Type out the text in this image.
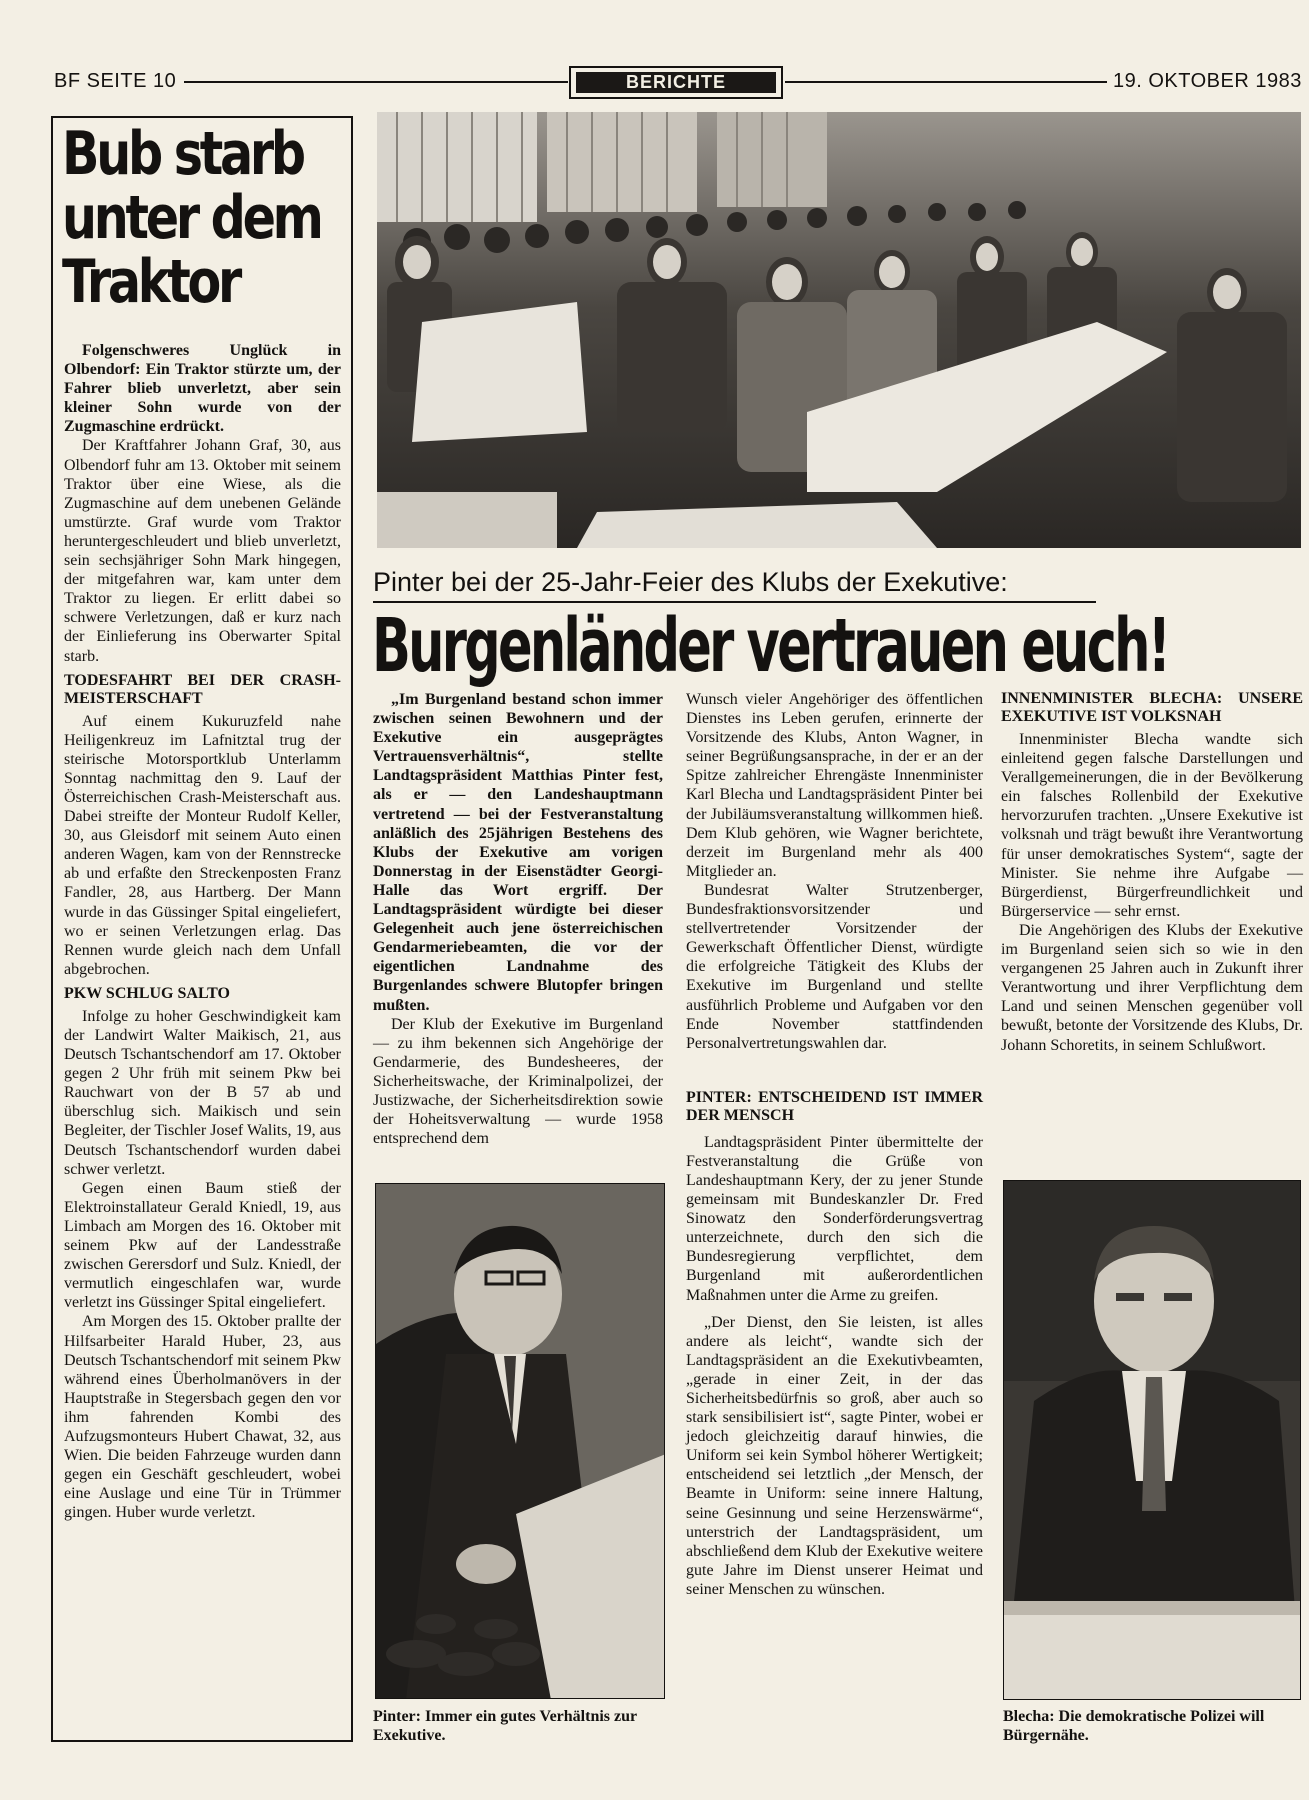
BF SEITE 10	BERICHTE	19. OKTOBER 1983
Bub starb
unter dem
Traktor

Folgenschweres Unglück in Olbendorf: Ein Traktor stürzte um, der Fahrer blieb unverletzt, aber sein kleiner Sohn wurde von der Zugmaschine erdrückt.

Der Kraftfahrer Johann Graf, 30, aus Olbendorf fuhr am 13. Oktober mit seinem Traktor über eine Wiese, als die Zugmaschine auf dem unebenen Gelände umstürzte. Graf wurde vom Traktor heruntergeschleudert und blieb unverletzt, sein sechsjähriger Sohn Mark hingegen, der mitgefahren war, kam unter dem Traktor zu liegen. Er erlitt dabei so schwere Verletzungen, daß er kurz nach der Einlieferung ins Oberwarter Spital starb.

TODESFAHRT BEI DER CRASH-MEISTERSCHAFT

Auf einem Kukuruzfeld nahe Heiligenkreuz im Lafnitztal trug der steirische Motorsportklub Unterlamm Sonntag nachmittag den 9. Lauf der Österreichischen Crash-Meisterschaft aus. Dabei streifte der Monteur Rudolf Keller, 30, aus Gleisdorf mit seinem Auto einen anderen Wagen, kam von der Rennstrecke ab und erfaßte den Streckenposten Franz Fandler, 28, aus Hartberg. Der Mann wurde in das Güssinger Spital eingeliefert, wo er seinen Verletzungen erlag. Das Rennen wurde gleich nach dem Unfall abgebrochen.

PKW SCHLUG SALTO

Infolge zu hoher Geschwindigkeit kam der Landwirt Walter Maikisch, 21, aus Deutsch Tschantschendorf am 17. Oktober gegen 2 Uhr früh mit seinem Pkw bei Rauchwart von der B 57 ab und überschlug sich. Maikisch und sein Begleiter, der Tischler Josef Walits, 19, aus Deutsch Tschantschendorf wurden dabei schwer verletzt.

Gegen einen Baum stieß der Elektroinstallateur Gerald Kniedl, 19, aus Limbach am Morgen des 16. Oktober mit seinem Pkw auf der Landesstraße zwischen Gerersdorf und Sulz. Kniedl, der vermutlich eingeschlafen war, wurde verletzt ins Güssinger Spital eingeliefert.

Am Morgen des 15. Oktober prallte der Hilfsarbeiter Harald Huber, 23, aus Deutsch Tschantschendorf mit seinem Pkw während eines Überholmanövers in der Hauptstraße in Stegersbach gegen den vor ihm fahrenden Kombi des Aufzugsmonteurs Hubert Chawat, 32, aus Wien. Die beiden Fahrzeuge wurden dann gegen ein Geschäft geschleudert, wobei eine Auslage und eine Tür in Trümmer gingen. Huber wurde verletzt.

Pinter bei der 25-Jahr-Feier des Klubs der Exekutive:
Burgenländer vertrauen euch!

„Im Burgenland bestand schon immer zwischen seinen Bewohnern und der Exekutive ein ausgeprägtes Vertrauensverhältnis“, stellte Landtagspräsident Matthias Pinter fest, als er — den Landeshauptmann vertretend — bei der Festveranstaltung anläßlich des 25jährigen Bestehens des Klubs der Exekutive am vorigen Donnerstag in der Eisenstädter Georgi-Halle das Wort ergriff. Der Landtagspräsident würdigte bei dieser Gelegenheit auch jene österreichischen Gendarmeriebeamten, die vor der eigentlichen Landnahme des Burgenlandes schwere Blutopfer bringen mußten.

Der Klub der Exekutive im Burgenland — zu ihm bekennen sich Angehörige der Gendarmerie, des Bundesheeres, der Sicherheitswache, der Kriminalpolizei, der Justizwache, der Sicherheitsdirektion sowie der Hoheitsverwaltung — wurde 1958 entsprechend dem

Pinter: Immer ein gutes Verhältnis zur Exekutive.

Wunsch vieler Angehöriger des öffentlichen Dienstes ins Leben gerufen, erinnerte der Vorsitzende des Klubs, Anton Wagner, in seiner Begrüßungsansprache, in der er an der Spitze zahlreicher Ehrengäste Innenminister Karl Blecha und Landtagspräsident Pinter bei der Jubiläumsveranstaltung willkommen hieß. Dem Klub gehören, wie Wagner berichtete, derzeit im Burgenland mehr als 400 Mitglieder an.

Bundesrat Walter Strutzenberger, Bundesfraktionsvorsitzender und stellvertretender Vorsitzender der Gewerkschaft Öffentlicher Dienst, würdigte die erfolgreiche Tätigkeit des Klubs der Exekutive im Burgenland und stellte ausführlich Probleme und Aufgaben vor den Ende November stattfindenden Personalvertretungswahlen dar.

PINTER: ENTSCHEIDEND IST IMMER DER MENSCH

Landtagspräsident Pinter übermittelte der Festveranstaltung die Grüße von Landeshauptmann Kery, der zu jener Stunde gemeinsam mit Bundeskanzler Dr. Fred Sinowatz den Sonderförderungsvertrag unterzeichnete, durch den sich die Bundesregierung verpflichtet, dem Burgenland mit außerordentlichen Maßnahmen unter die Arme zu greifen.

„Der Dienst, den Sie leisten, ist alles andere als leicht“, wandte sich der Landtagspräsident an die Exekutivbeamten, „gerade in einer Zeit, in der das Sicherheitsbedürfnis so groß, aber auch so stark sensibilisiert ist“, sagte Pinter, wobei er jedoch gleichzeitig darauf hinwies, die Uniform sei kein Symbol höherer Wertigkeit; entscheidend sei letztlich „der Mensch, der Beamte in Uniform: seine innere Haltung, seine Gesinnung und seine Herzenswärme“, unterstrich der Landtagspräsident, um abschließend dem Klub der Exekutive weitere gute Jahre im Dienst unserer Heimat und seiner Menschen zu wünschen.

INNENMINISTER BLECHA: UNSERE EXEKUTIVE IST VOLKSNAH

Innenminister Blecha wandte sich einleitend gegen falsche Darstellungen und Verallgemeinerungen, die in der Bevölkerung ein falsches Rollenbild der Exekutive hervorzurufen trachten. „Unsere Exekutive ist volksnah und trägt bewußt ihre Verantwortung für unser demokratisches System“, sagte der Minister. Sie nehme ihre Aufgabe — Bürgerdienst, Bürgerfreundlichkeit und Bürgerservice — sehr ernst.

Die Angehörigen des Klubs der Exekutive im Burgenland seien sich so wie in den vergangenen 25 Jahren auch in Zukunft ihrer Verantwortung und ihrer Verpflichtung dem Land und seinen Menschen gegenüber voll bewußt, betonte der Vorsitzende des Klubs, Dr. Johann Schoretits, in seinem Schlußwort.

Blecha: Die demokratische Polizei will Bürgernähe.
